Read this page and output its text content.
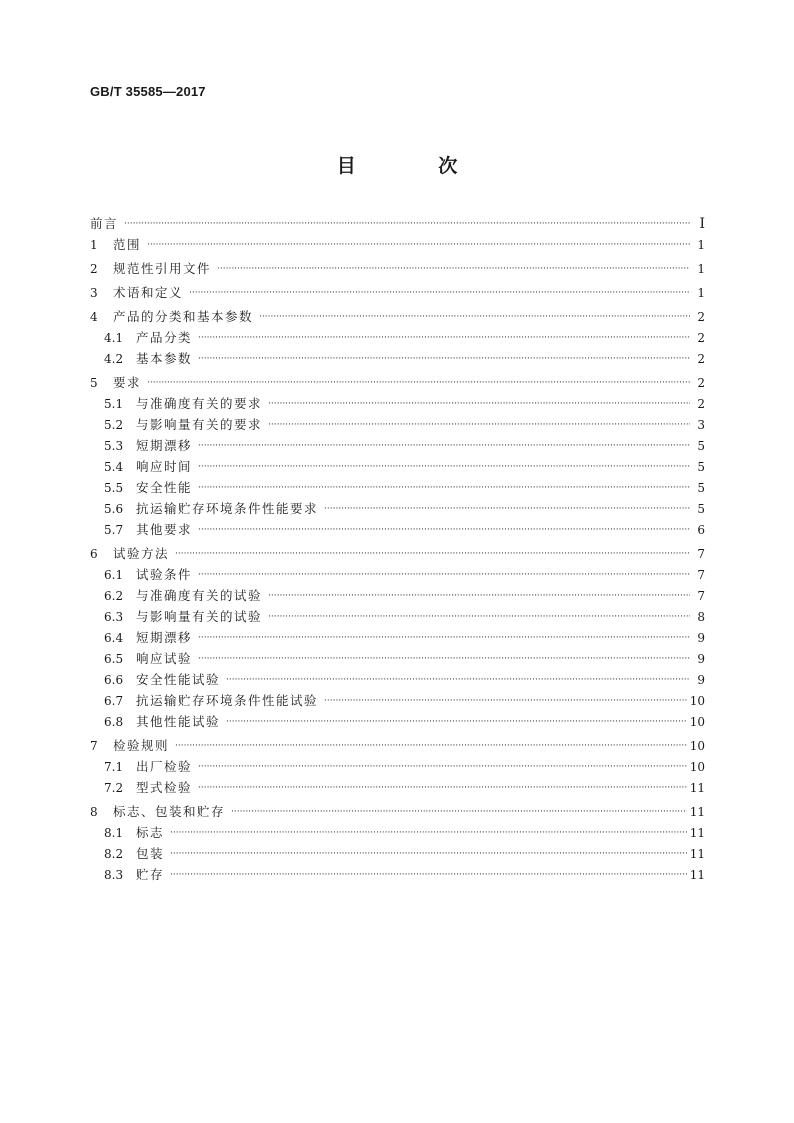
GB/T 35585—2017
目 次
前言 ·····	I
1	范围 ·····	1
2	规范性引用文件 ·····	1
3	术语和定义 ·····	1
4	产品的分类和基本参数 ·····	2
4.1	产品分类 ·····	2
4.2	基本参数 ·····	2
5	要求 ·····	2
5.1	与准确度有关的要求 ·····	2
5.2	与影响量有关的要求 ·····	3
5.3	短期漂移 ·····	5
5.4	响应时间 ·····	5
5.5	安全性能 ·····	5
5.6	抗运输贮存环境条件性能要求 ·····	5
5.7	其他要求 ·····	6
6	试验方法 ·····	7
6.1	试验条件 ·····	7
6.2	与准确度有关的试验 ·····	7
6.3	与影响量有关的试验 ·····	8
6.4	短期漂移 ·····	9
6.5	响应试验 ·····	9
6.6	安全性能试验 ·····	9
6.7	抗运输贮存环境条件性能试验 ·····	10
6.8	其他性能试验 ·····	10
7	检验规则 ·····	10
7.1	出厂检验 ·····	10
7.2	型式检验 ·····	11
8	标志、包装和贮存 ·····	11
8.1	标志 ·····	11
8.2	包装 ·····	11
8.3	贮存 ·····	11
